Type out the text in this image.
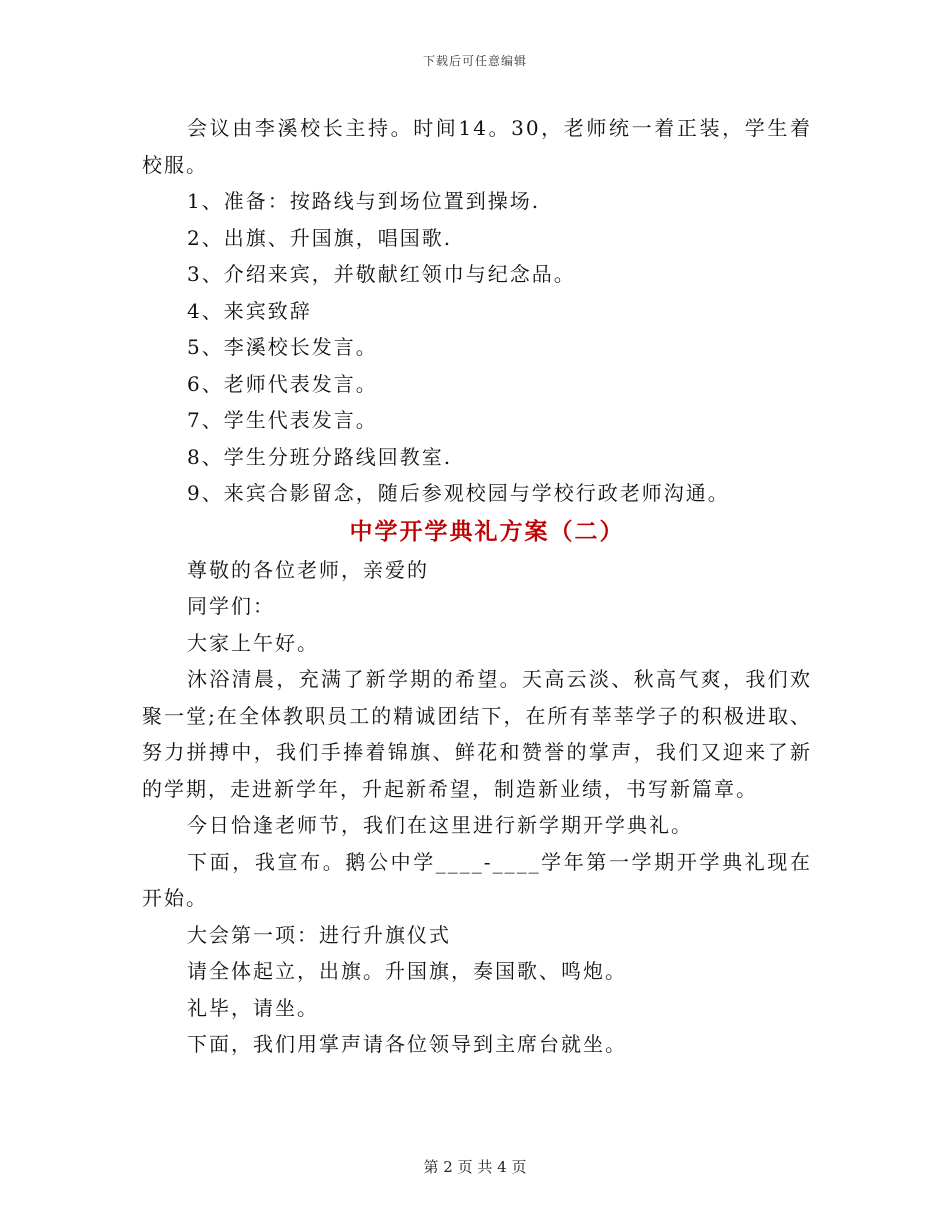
下载后可任意编辑

会议由李溪校长主持。时间14。30，老师统一着正装，学生着校服。

1、准备：按路线与到场位置到操场.

2、出旗、升国旗，唱国歌.

3、介绍来宾，并敬献红领巾与纪念品。

4、来宾致辞

5、李溪校长发言。

6、老师代表发言。

7、学生代表发言。

8、学生分班分路线回教室.

9、来宾合影留念，随后参观校园与学校行政老师沟通。

中学开学典礼方案（二）

尊敬的各位老师，亲爱的

同学们：

大家上午好。

沐浴清晨，充满了新学期的希望。天高云淡、秋高气爽，我们欢聚一堂;在全体教职员工的精诚团结下，在所有莘莘学子的积极进取、努力拼搏中，我们手捧着锦旗、鲜花和赞誉的掌声，我们又迎来了新的学期，走进新学年，升起新希望，制造新业绩，书写新篇章。

今日恰逢老师节，我们在这里进行新学期开学典礼。

下面，我宣布。鹅公中学____-____学年第一学期开学典礼现在开始。

大会第一项：进行升旗仪式

请全体起立，出旗。升国旗，奏国歌、鸣炮。

礼毕，请坐。

下面，我们用掌声请各位领导到主席台就坐。

第 2 页 共 4 页
